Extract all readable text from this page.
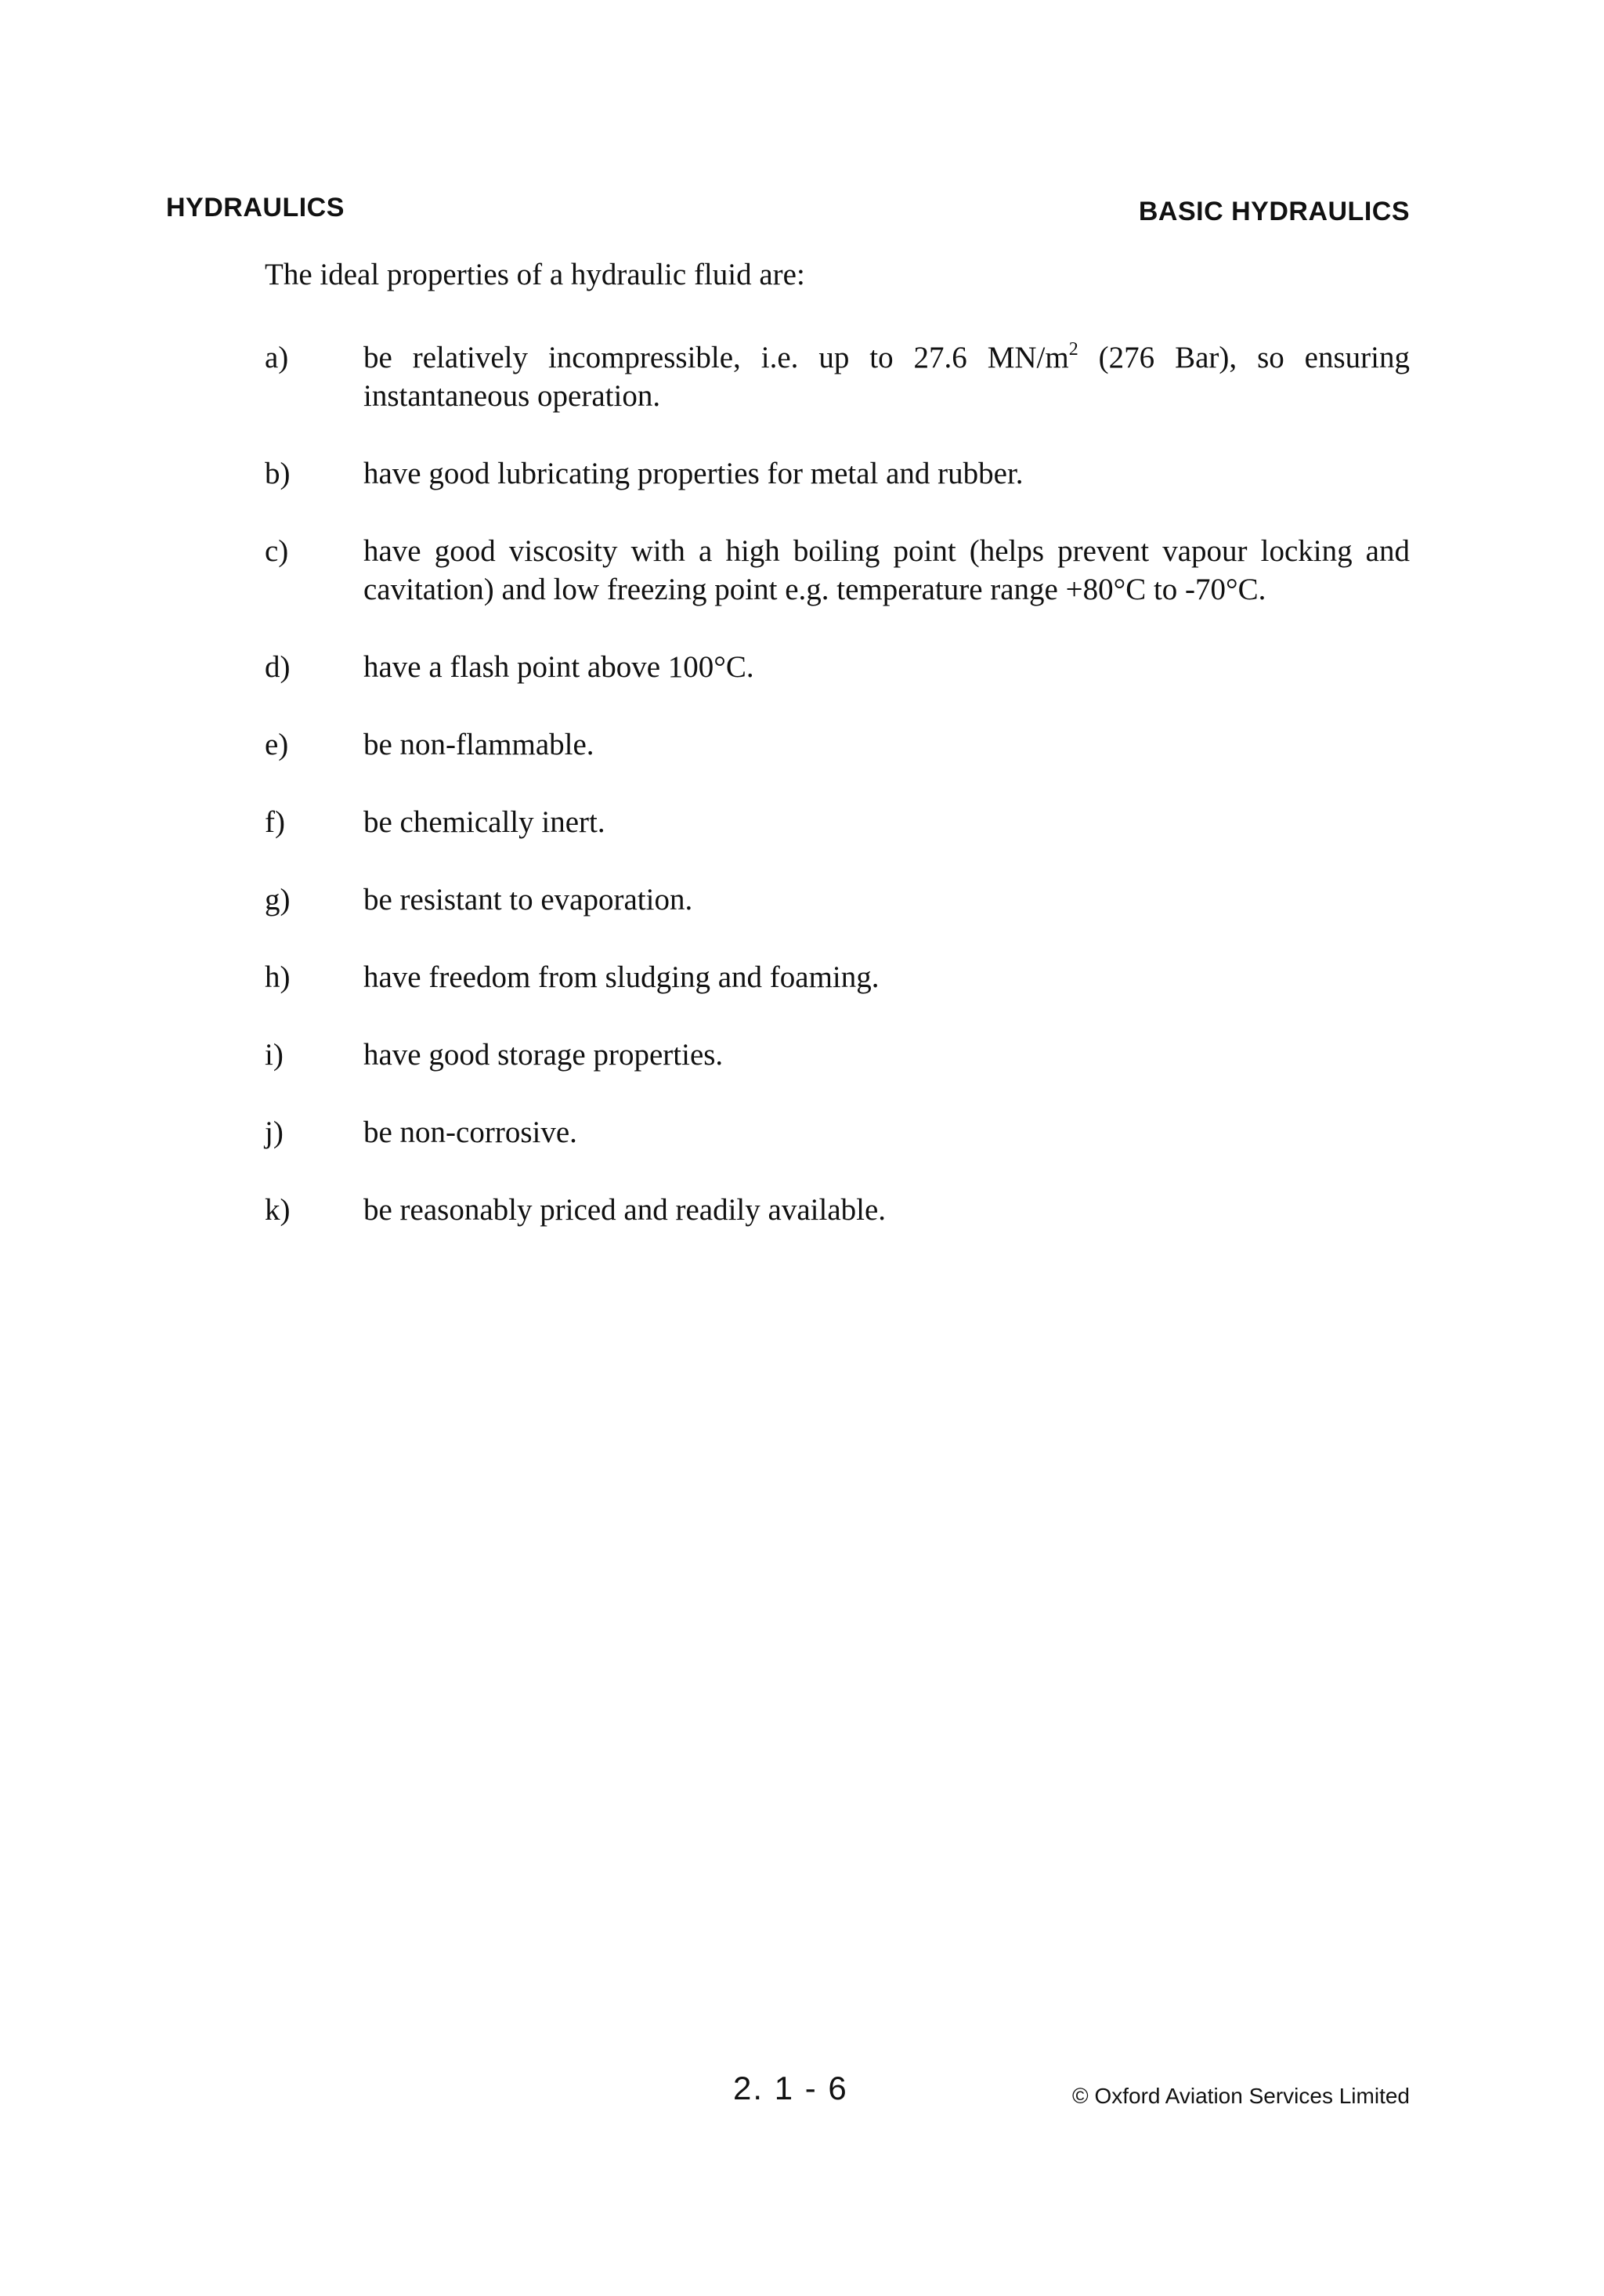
HYDRAULICS	BASIC HYDRAULICS
The ideal properties of a hydraulic fluid are:
a)	be relatively incompressible, i.e. up to 27.6 $MN/m^2$ (276 Bar), so ensuring instantaneous operation.
b)	have good lubricating properties for metal and rubber.
c)	have good viscosity with a high boiling point (helps prevent vapour locking and cavitation) and low freezing point e.g. temperature range +80°C to -70°C.
d)	have a flash point above 100°C.
e)	be non-flammable.
f)	be chemically inert.
g)	be resistant to evaporation.
h)	have freedom from sludging and foaming.
i)	have good storage properties.
j)	be non-corrosive.
k)	be reasonably priced and readily available.
2. 1 - 6	© Oxford Aviation Services Limited
